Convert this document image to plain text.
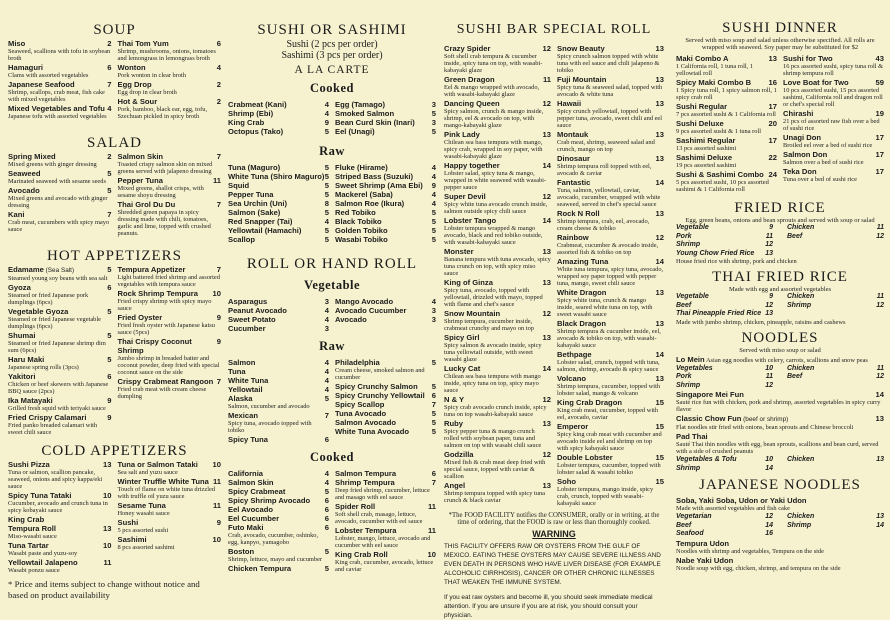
SOUP
Miso	2
Seaweed, scallions with tofu in soybean broth
Hamaguri	6
Clams with assorted vegetables
Japanese Seafood	7
Shrimp, scallops, crab meat, fish cake with mixed vegetables
Mixed Vegetables and Tofu 4
Japanese tofu with assorted vegetables
Thai Tom Yum	6
Shrimp, mushrooms, onions, tomatoes and lemongrass in lemongrass broth
Wonton	4
Pork wonton in clear broth
Egg Drop	2
Egg drop in clear broth
Hot & Sour	2
Pork, bamboo, black ear, egg, tofu, Szechuan pickled in spicy broth
SALAD
Spring Mixed	2
Mixed greens with ginger dressing
Seaweed	5
Marinated seaweed with sesame seeds
Avocado	5
Mixed greens and avocado with ginger dressing
Kani	7
Crab meat, cucumbers with spicy mayo sauce
Salmon Skin	7
Toasted crispy salmon skin on mixed greens served with jalapeno dressing
Pepper Tuna	11
Mixed greens, shallot crisps, with sesame shoyu dressing
Thai Grol Du Du	7
Shredded green papaya in spicy dressing made with chili, tomatoes, garlic and lime, topped with crushed peanuts.
HOT APPETIZERS
Edamame (Sea Salt)	5
Steamed young soy beans with sea salt
Gyoza	6
Steamed or fried Japanese pork dumplings (6pcs)
Vegetable Gyoza	5
Steamed or fried Japanese vegetable dumplings (6pcs)
Shumai	5
Steamed or fried Japanese shrimp dim sum (6pcs)
Haru Maki	5
Japanese spring rolls (3pcs)
Yakitori	6
Chicken or beef skewers with Japanese BBQ sauce (2pcs)
Ika Matayaki	9
Grilled fresh squid with teriyaki sauce
Fried Crispy Calamari	9
Fried panko breaded calamari with sweet chili sauce
Tempura Appetizer	7
Light battered fried shrimp and assorted vegetables with tempura sauce
Rock Shrimp Tempura 10
Fried crispy shrimp with spicy mayo sauce
Fried Oyster	9
Fried fresh oyster with Japanese katsu sauce (5pcs)
Thai Crispy Coconut Shrimp
9
Jumbo shrimp in breaded batter and coconut powder, deep fried with special coconut sauce on the side
Crispy Crabmeat Rangoon 7
Fried crab meat with cream cheese dumpling
COLD APPETIZERS
Sushi Pizza	13
Tuna or salmon, scallion pancake, seaweed, onions and spicy kappa/eki sauce
Spicy Tuna Tataki	10
Cucumber, avocado and crunch tuna in spicy kobayaki sauce
King Crab
Tempura Roll	13
Miso-wasabi sauce
Tuna Tartar	10
Wasabi paste and yuzu-soy
Yellowtail Jalapeno	11
Wasabi ponzu sauce
Tuna or Salmon Tataki 10
Sea salt and yuzu sauce
Winter Truffle White Tuna 11
Touch of flame on white tuna drizzled with truffle oil yuzu sauce
Sesame Tuna	11
Honey wasabi sauce
Sushi	9
5 pcs assorted sushi
Sashimi	10
8 pcs assorted sashimi
* Price and items subject to change without notice and based on product availability
SUSHI OR SASHIMI
Sushi (2 pcs per order)
Sashimi (3 pcs per order)
A LA CARTE
Cooked
Crabmeat (Kani)	4
Shrimp (Ebi)	4
King Crab	9
Octopus (Tako)	5
Egg (Tamago)	3
Smoked Salmon	5
Bean Curd Skin (Inari) 3
Eel (Unagi)	5
Raw
Tuna (Maguro)	5
White Tuna (Shiro Maguro) 5
Squid	5
Pepper Tuna	5
Sea Urchin (Uni)	8
Salmon (Sake)	5
Red Snapper (Tai)	4
Yellowtail (Hamachi)	5
Scallop	5
Fluke (Hirame)	4
Striped Bass (Suzuki) 4
Sweet Shrimp (Ama Ebi) 9
Mackerel (Saba)	4
Salmon Roe (Ikura)	4
Red Tobiko	5
Black Tobiko	5
Golden Tobiko	5
Wasabi Tobiko	5
ROLL OR HAND ROLL
Vegetable
Asparagus	3
Peanut Avocado	4
Sweet Potato	4
Cucumber	3
Mango Avocado	4
Avocado Cucumber	3
Avocado	3
Raw
Salmon	4
Tuna	4
White Tuna	4
Yellowtail	4
Alaska	5
Salmon, cucumber and avocado
Mexican	7
Spicy tuna, avocado topped with tobiko
Spicy Tuna	6
Philadelphia	5
Cream cheese, smoked salmon and cucumber
Spicy Crunchy Salmon 5
Spicy Crunchy Yellowtail 6
Spicy Scallop	7
Tuna Avocado	5
Salmon Avocado	5
White Tuna Avocado	5
Cooked
California	4
Salmon Skin	4
Spicy Crabmeat	5
Spicy Shrimp Avocado 6
Eel Avocado	6
Eel Cucumber	6
Futo Maki	6
Crab, avocado, cucumber, oshinko, egg, kanpyo, yamagobo
Boston	5
Shrimp, lettuce, mayo and cucumber
Chicken Tempura	5
Salmon Tempura	6
Shrimp Tempura	7
Deep fried shrimp, cucumber, lettuce and masago with eel sauce
Spider Roll	11
Soft shell crab, masago, lettuce, avocado, cucumber with eel sauce
Lobster Tempura	11
Lobster, mango, lettuce, avocado and cucumber with eel sauce
King Crab Roll	10
King crab, cucumber, avocado, lettuce and caviar
SUSHI BAR SPECIAL ROLL
Crazy Spider	12
Soft shell crab tempura & cucumber inside, spicy tuna on top, with wasabi-kabayaki glaze
Green Dragon	11
Eel & mango wrapped with avocado, with wasabi-kabayaki glaze
Dancing Queen	12
Spicy salmon, crunch & mango inside, shrimp, eel & avocado on top, with mango-kabayaki glaze
Pink Lady	13
Chilean sea bass tempura with mango, spicy crab, wrapped in soy paper, with wasabi-kabayaki glaze
Happy together	14
Lobster salad, spicy tuna & mango, wrapped in white seaweed with wasabi-pepper sauce
Super Devil	12
Spicy white tuna avocado crunch inside, salmon outside spicy chili sauce
Lobster Tango	14
Lobster tempura wrapped & mango avocado, black and red tobiko outside, with wasabi-kabayaki sauce
Monster	13
Banana tempura with tuna avocado, spicy tuna crunch on top, with spicy miso sauce
King of Ginza	13
Spicy tuna, avocado, topped with yellowtail, drizzled with mayo, topped with flame and chef's sauce
Snow Mountain	12
Shrimp tempura, cucumber inside, crabmeat crunchy and mayo on top
Spicy Girl	13
Spicy salmon & avocado inside, spicy tuna yellowtail outside, with sweet wasabi glaze
Lucky Cat	14
Chilean sea bass tempura with mango inside, spicy tuna on top, spicy mayo sauce
N & Y	12
Spicy crab avocado crunch inside, spicy tuna on top wasabi-kabayaki sauce
Ruby	13
Spicy pepper tuna & mango crunch rolled with soybean paper, tuna and salmon on top with wasabi chili sauce
Godzilla	12
Mixed fish & crab meat deep fried with special sauce, topped with caviar & scallion
Angel	13
Shrimp tempura topped with spicy tuna crunch & black caviar
Snow Beauty	13
Spicy crunch salmon topped with white tuna with eel sauce and chili jalapeno & tobiko
Fuji Mountain	13
Spicy tuna & seaweed salad, topped with avocado & white tuna
Hawaii	13
Spicy crunch yellowtail, topped with pepper tuna, avocado, sweet chili and eel sauce
Montauk	13
Crab meat, shrimp, seaweed salad and crunch, mango on top
Dinosaur	13
Shrimp tempura roll topped with eel, avocado & caviar
Fantastic	14
Tuna, salmon, yellowtail, caviar, avocado, cucumber, wrapped with white seaweed, served in chef's special sauce
Rock N Roll	13
Shrimp tempura, crab, eel, avocado, cream cheese & tobiko
Rainbow	12
Crabmeat, cucumber & avocado inside, assorted fish & tobiko on top
Amazing Tuna	14
White tuna tempura, spicy tuna, avocado, wrapped soy paper topped with pepper tuna, mango, sweet chili sauce
White Dragon	13
Spicy white tuna, crunch & mango inside, seared white tuna on top, with sweet wasabi sauce
Black Dragon	13
Shrimp tempura & cucumber inside, eel, avocado & tobiko on top, with wasabi-kabayaki sauce
Bethpage	14
Lobster salad, crunch, topped with tuna, salmon, shrimp, avocado & spicy sauce
Volcano	13
Shrimp tempura, cucumber, topped with lobster salad, mango & volcano
King Crab Dragon	15
King crab meat, cucumber, topped with eel, avocado, caviar
Emperor	15
Spicy king crab meat with cucumber and avocado inside eel and shrimp on top with spicy kabayaki sauce
Double Lobster	15
Lobster tempura, cucumber, topped with lobster salad & wasabi tobiko
Soho	15
Lobster tempura, mango inside, spicy crab, crunch, topped with wasabi-kabayaki sauce
*The FOOD FACILITY notifies the CONSUMER, orally or in writing, at the time of ordering, that the FOOD is raw or less than thoroughly cooked.
WARNING
THIS FACILITY OFFERS RAW OR OYSTERS FROM THE GULF OF MEXICO. EATING THESE OYSTERS MAY CAUSE SEVERE ILLNESS AND EVEN DEATH IN PERSONS WHO HAVE LIVER DISEASE (FOR EXAMPLE ALCOHOLIC CIRRHOSIS), CANCER OR OTHER CHRONIC ILLNESSES THAT WEAKEN THE IMMUNE SYSTEM.
If you eat raw oysters and become ill, you should seek immediate medical attention. If you are unsure if you are at risk, you should consult your physician.
SUSHI DINNER
Served with miso soup and salad unless otherwise specified. All rolls are wrapped with seaweed. Soy paper may be substituted for $2
Maki Combo A	13
1 California roll, 1 tuna roll, 1 yellowtail roll
Spicy Maki Combo B 16
1 Spicy tuna roll, 1 spicy salmon roll, 1 spicy crab roll
Sushi Regular	17
7 pcs assorted sushi & 1 California roll
Sushi Deluxe	20
9 pcs assorted sushi & 1 tuna roll
Sashimi Regular	17
13 pcs assorted sashimi
Sashimi Deluxe	22
19 pcs assorted sashimi
Sushi & Sashimi Combo 24
5 pcs assorted sushi, 10 pcs assorted sashimi & 1 California roll
Sushi for Two	43
16 pcs assorted sushi, spicy tuna roll & shrimp tempura roll
Love Boat for Two	59
10 pcs assorted sushi, 15 pcs assorted sashimi, California roll and dragon roll or chef's special roll
Chirashi	19
21 pcs of assorted raw fish over a bed of sushi rice
Unagi Don	17
Broiled eel over a bed of sushi rice
Salmon Don	17
Salmon over a bed of sushi rice
Teka Don	17
Tuna over a bed of sushi rice
FRIED RICE
Egg, green beans, onions and bean sprouts and served with soup or salad
Vegetable	9 Chicken	11
Pork	11 Beef	12
Shrimp	12
Young Chow Fried Rice 13
House fried rice with shrimp, pork and chicken
THAI FRIED RICE
Made with egg and assorted vegetables
Vegetable	9 Chicken	11
Beef	12 Shrimp	12
Thai Pineapple Fried Rice 13
Made with jumbo shrimp, chicken, pineapple, raisins and cashews
NOODLES
Served with miso soup or salad
Lo Mein Asian egg noodles with celery, carrots, scallions and snow peas
Vegetables	10 Chicken	11
Pork	11 Beef	12
Shrimp	12
Singapore Mei Fun	14
Sauté rice fun with chicken, pork and shrimp, assorted vegetables in spicy curry flavor
Classic Chow Fun (beef or shrimp)	13
Flat noodles stir fried with onions, bean sprouts and Chinese broccoli
Pad Thai
Sauté Thai thin noodles with egg, bean sprouts, scallions and bean curd, served with a side of crushed peanuts
Vegetables & Tofu	10 Chicken	13
Shrimp	14
JAPANESE NOODLES
Soba, Yaki Soba, Udon or Yaki Udon
Made with assorted vegetables and fish cake
Vegetarian	12 Chicken	13
Beef	14 Shrimp	14
Seafood	16
Tempura Udon
Noodles with shrimp and vegetables, Tempura on the side
Nabe Yaki Udon
Noodle soup with egg, chicken, shrimp, and tempura on the side
